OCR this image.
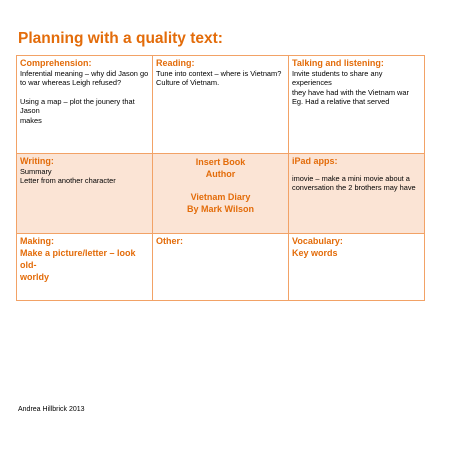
Planning with a quality text:
Comprehension:
Inferential meaning – why did Jason go
to war whereas Leigh refused?
Using a map – plot the jounery that Jason
makes	Reading:
Tune into context – where is Vietnam?
Culture of Vietnam.	Talking and listening:
Invite students to share any experiences
they have had with the Vietnam war
Eg. Had a relative that served

Writing:
Summary
Letter from another character	Insert Book
Author
Vietnam Diary
By Mark Wilson	iPad apps:
imovie – make a mini movie about a
conversation the 2 brothers may have

Making:
Make a picture/letter – look old-
worldy	Other:	Vocabulary:
Key words
Andrea Hillbrick 2013
